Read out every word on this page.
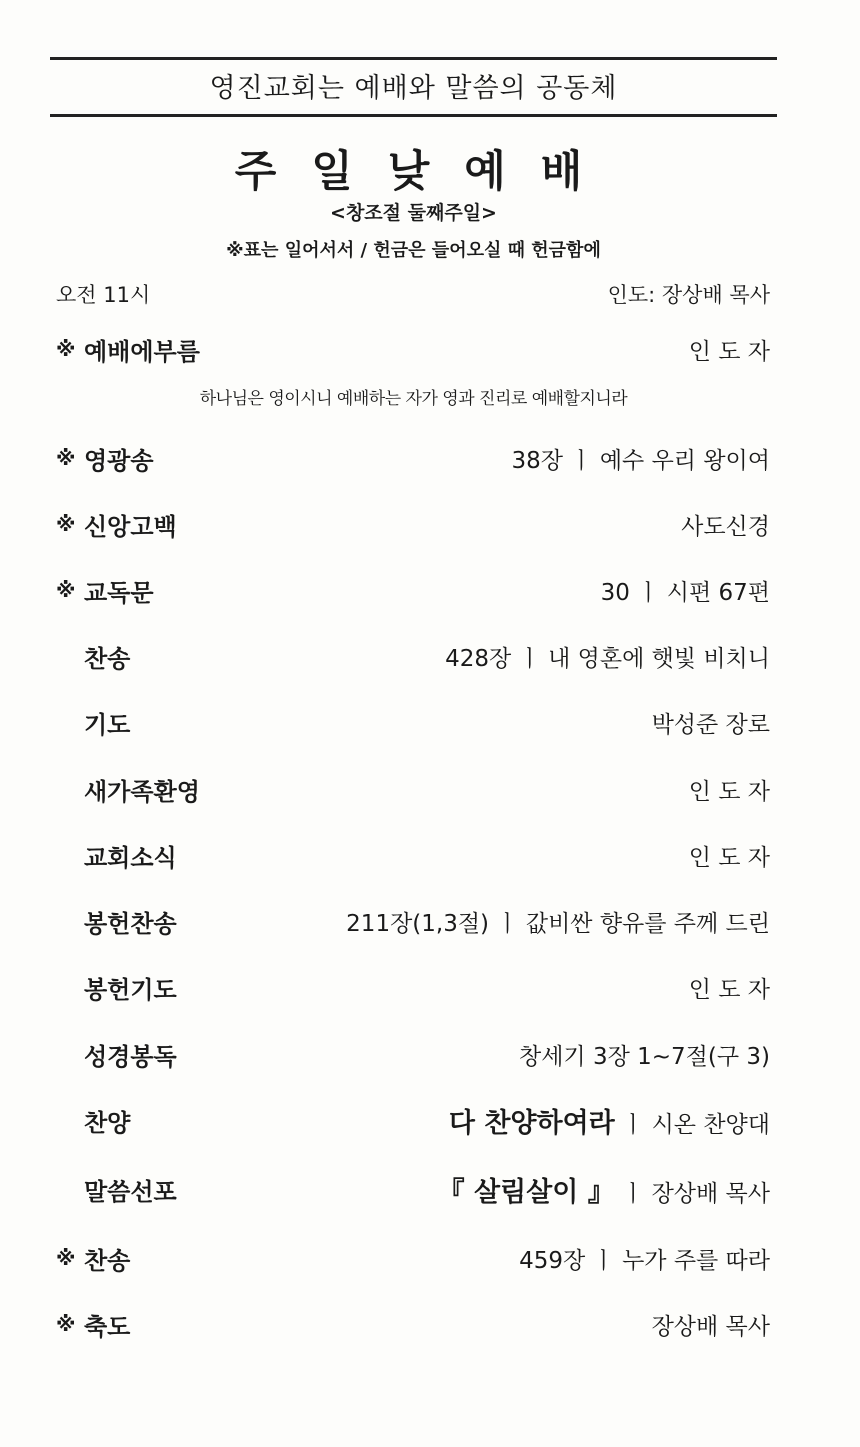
영진교회는 예배와 말씀의 공동체
주 일 낮 예 배
<창조절 둘째주일>
※표는 일어서서 / 헌금은 들어오실 때 헌금함에
오전 11시	인도: 장상배 목사
하나님은 영이시니 예배하는 자가 영과 진리로 예배할지니라
※ 예배에부름	인 도 자
※ 영광송	38장 ㅣ 예수 우리 왕이여
※ 신앙고백	사도신경
※ 교독문	30 ㅣ 시편 67편
찬송	428장 ㅣ 내 영혼에 햇빛 비치니
기도	박성준 장로
새가족환영	인 도 자
교회소식	인 도 자
봉헌찬송	211장(1,3절) ㅣ 값비싼 향유를 주께 드린
봉헌기도	인 도 자
성경봉독	창세기 3장 1~7절(구 3)
찬양	다 찬양하여라 ㅣ 시온 찬양대
말씀선포	『 살림살이 』 ㅣ 장상배 목사
※ 찬송	459장 ㅣ 누가 주를 따라
※ 축도	장상배 목사
